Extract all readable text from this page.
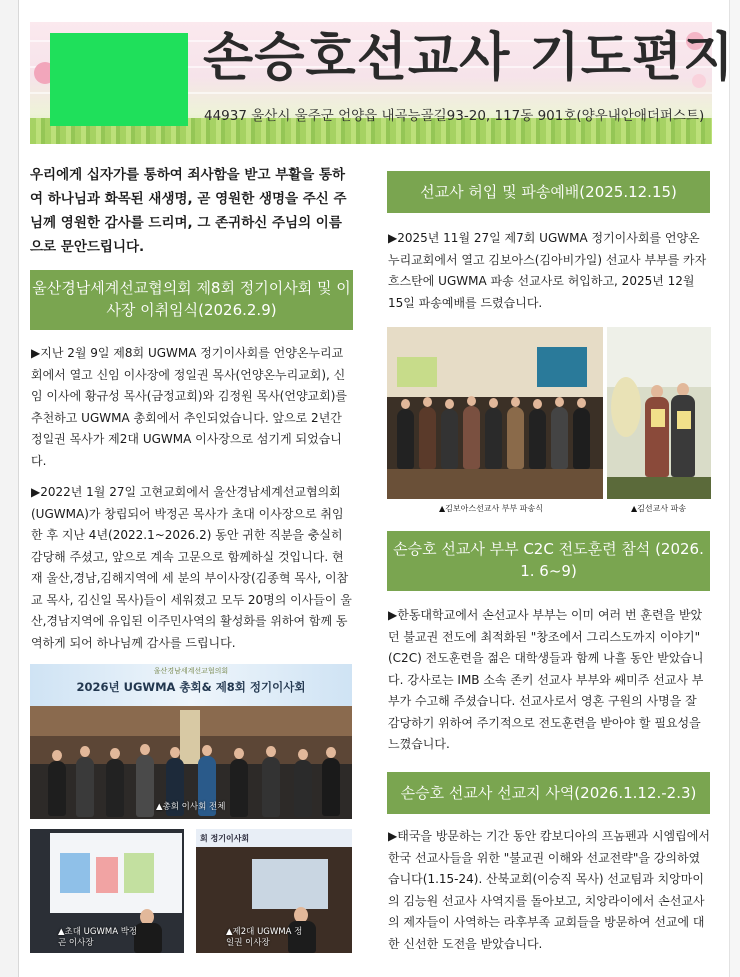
손승호선교사 기도편지
44937 울산시 울주군 언양읍 내곡능골길93-20, 117동 901호(양우내안애더퍼스트)
우리에게 십자가를 통하여 죄사함을 받고 부활을 통하여 하나님과 화목된 새생명, 곧 영원한 생명을 주신 주님께 영원한 감사를 드리며, 그 존귀하신 주님의 이름으로 문안드립니다.
울산경남세계선교협의회 제8회 정기이사회 및 이사장 이취임식(2026.2.9)
▶지난 2월 9일 제8회 UGWMA 정기이사회를 언양온누리교회에서 열고 신임 이사장에 정일권 목사(언양온누리교회), 신임 이사에 황규성 목사(금정교회)와 김정원 목사(언양교회)를 추천하고 UGWMA 총회에서 추인되었습니다. 앞으로 2년간 정일권 목사가 제2대 UGWMA 이사장으로 섬기게 되었습니다.
▶2022년 1월 27일 고현교회에서 울산경남세계선교협의회(UGWMA)가 창립되어 박정곤 목사가 초대 이사장으로 취임한 후 지난 4년(2022.1~2026.2) 동안 귀한 직분을 충실히 감당해 주셨고, 앞으로 계속 고문으로 함께하실 것입니다. 현재 울산,경남,김해지역에 세 분의 부이사장(김종혁 목사, 이참교 목사, 김신일 목사)들이 세워졌고 모두 20명의 이사들이 울산,경남지역에 유입된 이주민사역의 활성화를 위하여 함께 동역하게 되어 하나님께 감사를 드립니다.
울산경남세계선교협의회
2026년 UGWMA 총회& 제8회 정기이사회
▲총회 이사회 전체
▲초대 UGWMA 박정곤 이사장
회 정기이사회
▲제2대 UGWMA 정일권 이사장
선교사 허입 및 파송예배(2025.12.15)
▶2025년 11월 27일 제7회 UGWMA 정기이사회를 언양온누리교회에서 열고 김보아스(김아비가일) 선교사 부부를 카자흐스탄에 UGWMA 파송 선교사로 허입하고, 2025년 12월 15일 파송예배를 드렸습니다.
▲김보아스선교사 부부 파송식	▲김선교사 파송
손승호 선교사 부부 C2C 전도훈련 참석 (2026. 1. 6~9)
▶한동대학교에서 손선교사 부부는 이미 여러 번 훈련을 받았던 불교권 전도에 최적화된 "창조에서 그리스도까지 이야기"(C2C) 전도훈련을 젊은 대학생들과 함께 나흘 동안 받았습니다. 강사로는 IMB 소속 존키 선교사 부부와 쌔미주 선교사 부부가 수고해 주셨습니다. 선교사로서 영혼 구원의 사명을 잘 감당하기 위하여 주기적으로 전도훈련을 받아야 할 필요성을 느꼈습니다.
손승호 선교사 선교지 사역(2026.1.12.-2.3)
▶태국을 방문하는 기간 동안 캄보디아의 프놈펜과 시엠립에서 한국 선교사들을 위한 "불교권 이해와 선교전략"을 강의하였습니다(1.15-24). 산북교회(이승직 목사) 선교팀과 치앙마이의 김능원 선교사 사역지를 돌아보고, 치앙라이에서 손선교사의 제자들이 사역하는 라후부족 교회들을 방문하여 선교에 대한 신선한 도전을 받았습니다.
